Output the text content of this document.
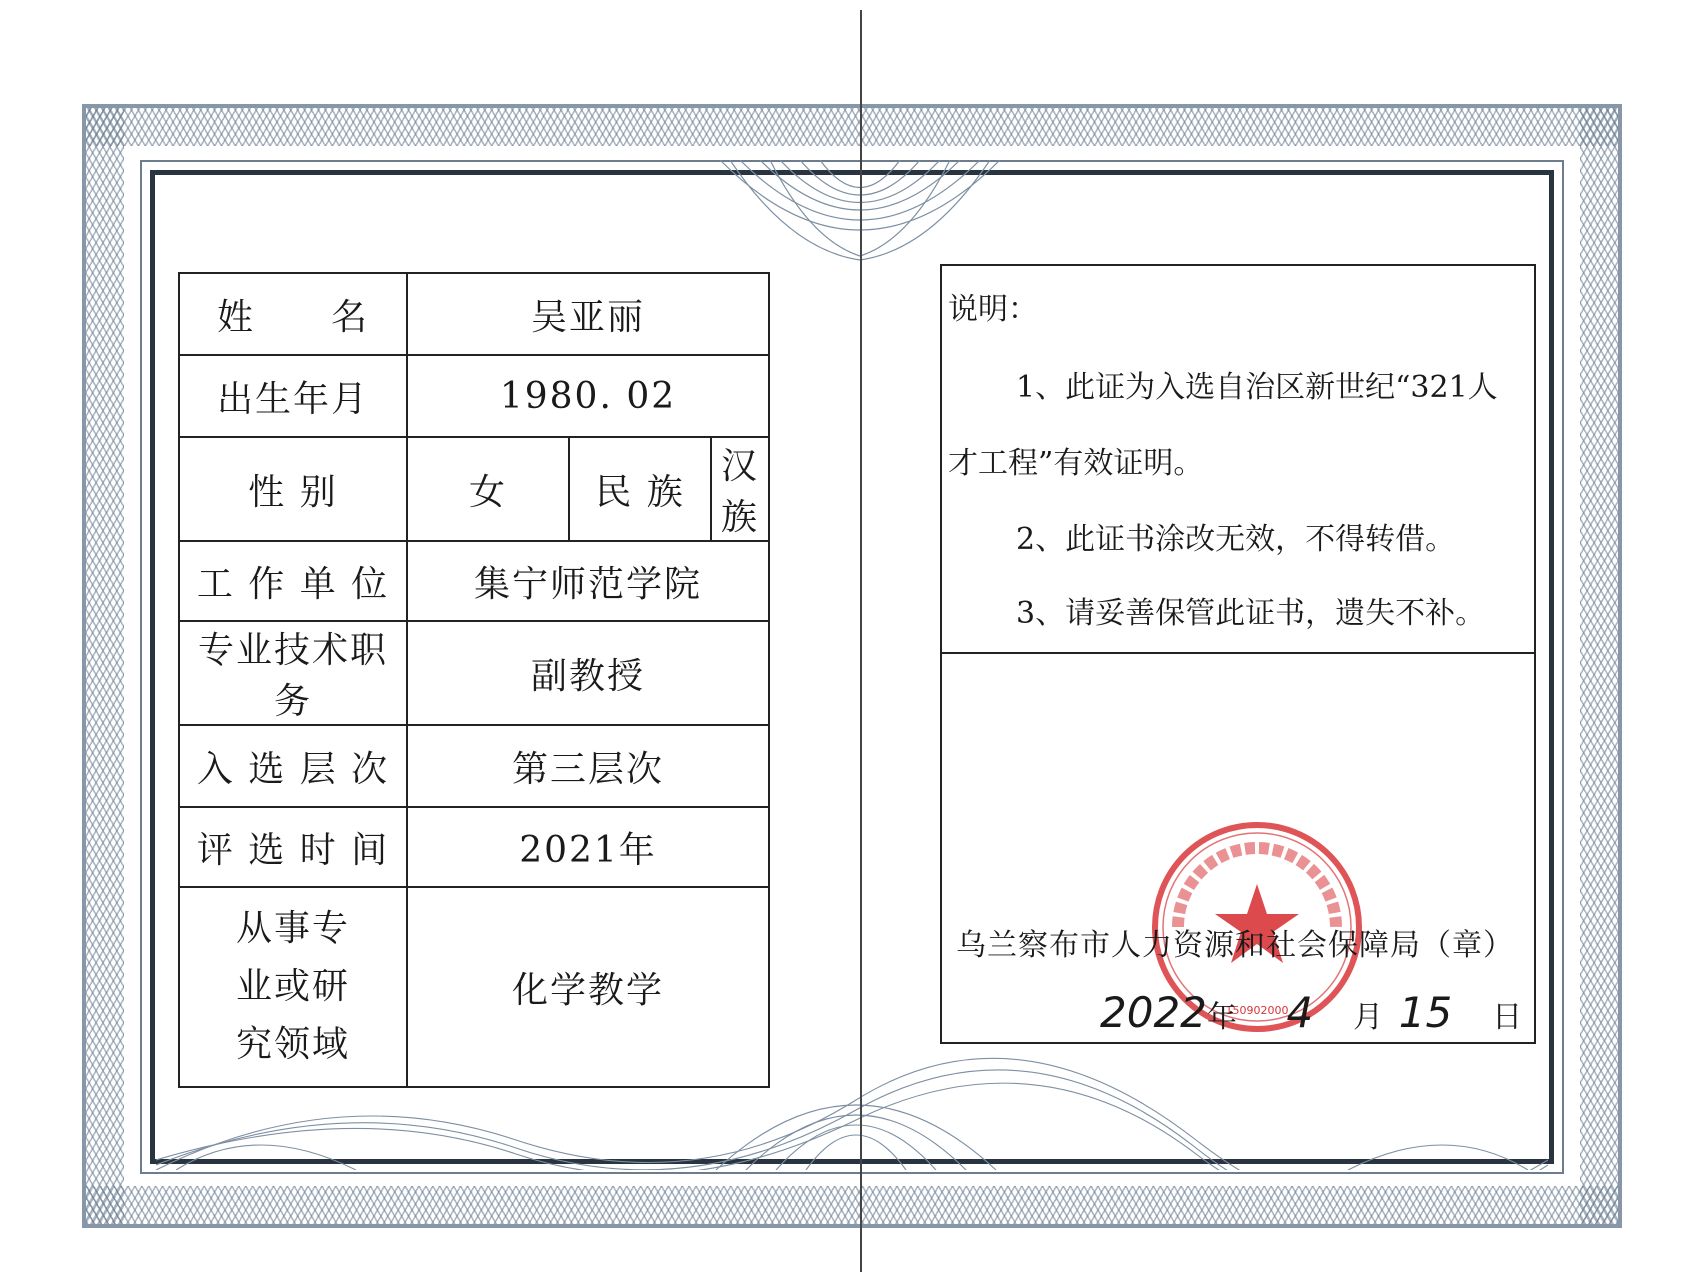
姓　　名	吴亚丽		
出生年月	1980. 02		
性 别	女	民 族	汉族
工 作 单 位	集宁师范学院		
专业技术职务	副教授		
入 选 层 次	第三层次		
评 选 时 间	2021年		

从事专
业或研
究领域	化学教学		
说明：
1、此证为入选自治区新世纪“321人
才工程”有效证明。
2、此证书涂改无效，不得转借。
3、请妥善保管此证书，遗失不补。
150902000
乌兰察布市人力资源和社会保障局（章）
2022年 4 月 15 日
